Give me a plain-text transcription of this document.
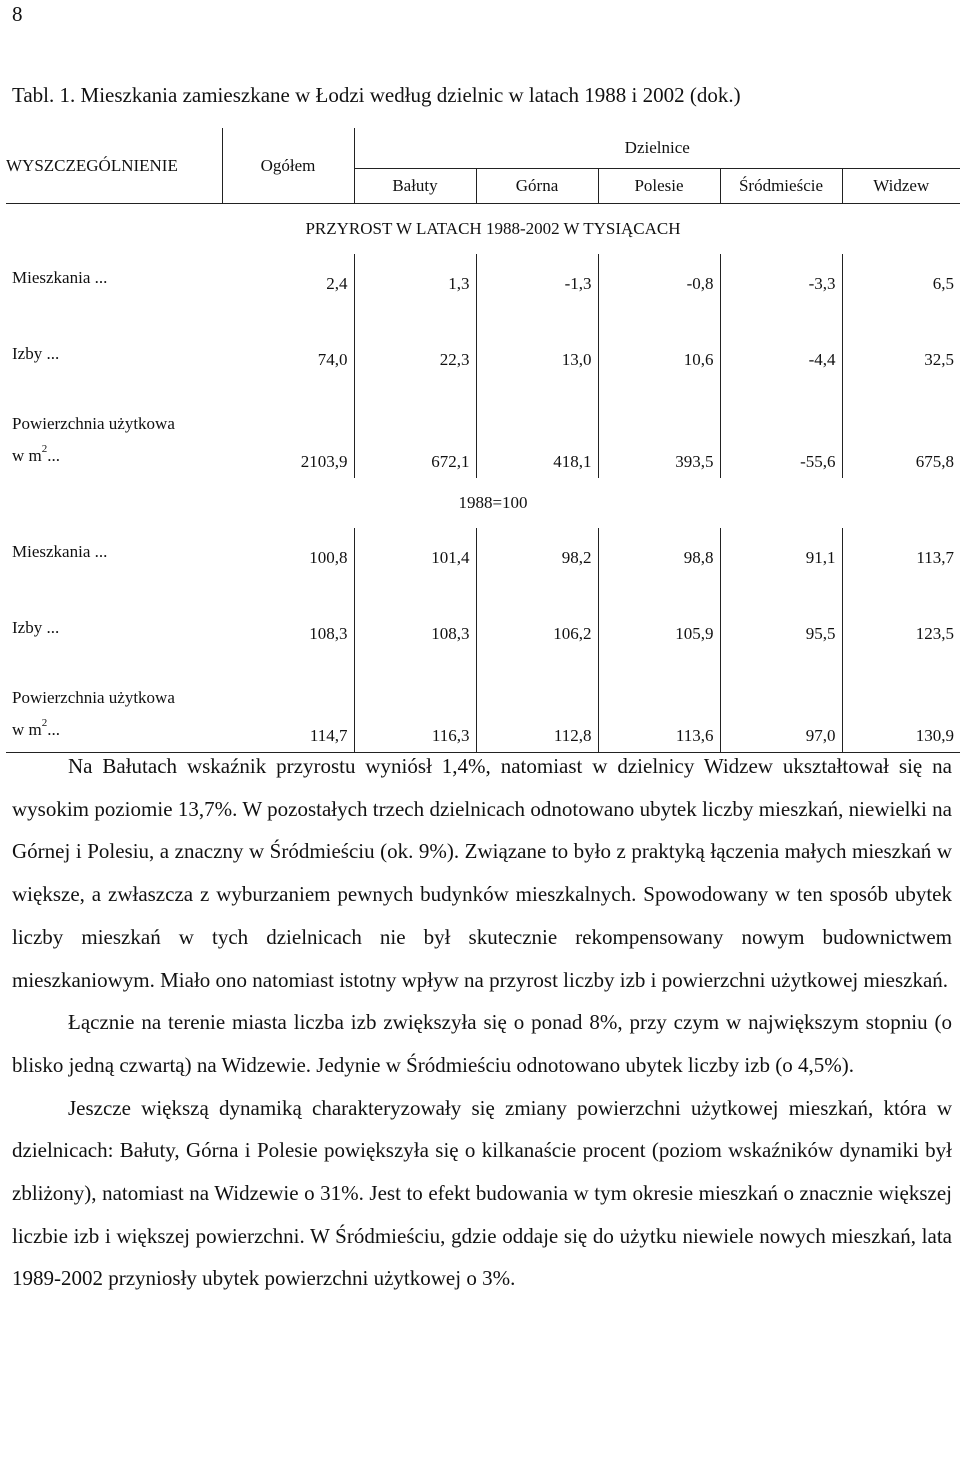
8
Tabl. 1. Mieszkania zamieszkane w Łodzi według dzielnic w latach 1988 i 2002 (dok.)
WYSZCZEGÓLNIENIE	Ogółem	Dzielnice				
		Bałuty	Górna	Polesie	Śródmieście	Widzew
PRZYROST W LATACH 1988-2002 W TYSIĄCACH						
Mieszkania ...	2,4	1,3	-1,3	-0,8	-3,3	6,5
Izby ...	74,0	22,3	13,0	10,6	-4,4	32,5
Powierzchnia użytkowa
w $m^2$...	2103,9	672,1	418,1	393,5	-55,6	675,8
1988=100						
Mieszkania ...	100,8	101,4	98,2	98,8	91,1	113,7
Izby ...	108,3	108,3	106,2	105,9	95,5	123,5
Powierzchnia użytkowa
w $m^2$...	114,7	116,3	112,8	113,6	97,0	130,9

Na Bałutach wskaźnik przyrostu wyniósł 1,4%, natomiast w dzielnicy Widzew ukształtował się na wysokim poziomie 13,7%. W pozostałych trzech dzielnicach odnotowano ubytek liczby mieszkań, niewielki na Górnej i Polesiu, a znaczny w Śródmieściu (ok. 9%). Związane to było z praktyką łączenia małych mieszkań w większe, a zwłaszcza z wyburzaniem pewnych budynków mieszkalnych. Spowodowany w ten sposób ubytek liczby mieszkań w tych dzielnicach nie był skutecznie rekompensowany nowym budownictwem mieszkaniowym. Miało ono natomiast istotny wpływ na przyrost liczby izb i powierzchni użytkowej mieszkań.

Łącznie na terenie miasta liczba izb zwiększyła się o ponad 8%, przy czym w największym stopniu (o blisko jedną czwartą) na Widzewie. Jedynie w Śródmieściu odnotowano ubytek liczby izb (o 4,5%).

Jeszcze większą dynamiką charakteryzowały się zmiany powierzchni użytkowej mieszkań, która w dzielnicach: Bałuty, Górna i Polesie powiększyła się o kilkanaście procent (poziom wskaźników dynamiki był zbliżony), natomiast na Widzewie o 31%. Jest to efekt budowania w tym okresie mieszkań o znacznie większej liczbie izb i większej powierzchni. W Śródmieściu, gdzie oddaje się do użytku niewiele nowych mieszkań, lata 1989-2002 przyniosły ubytek powierzchni użytkowej o 3%.
